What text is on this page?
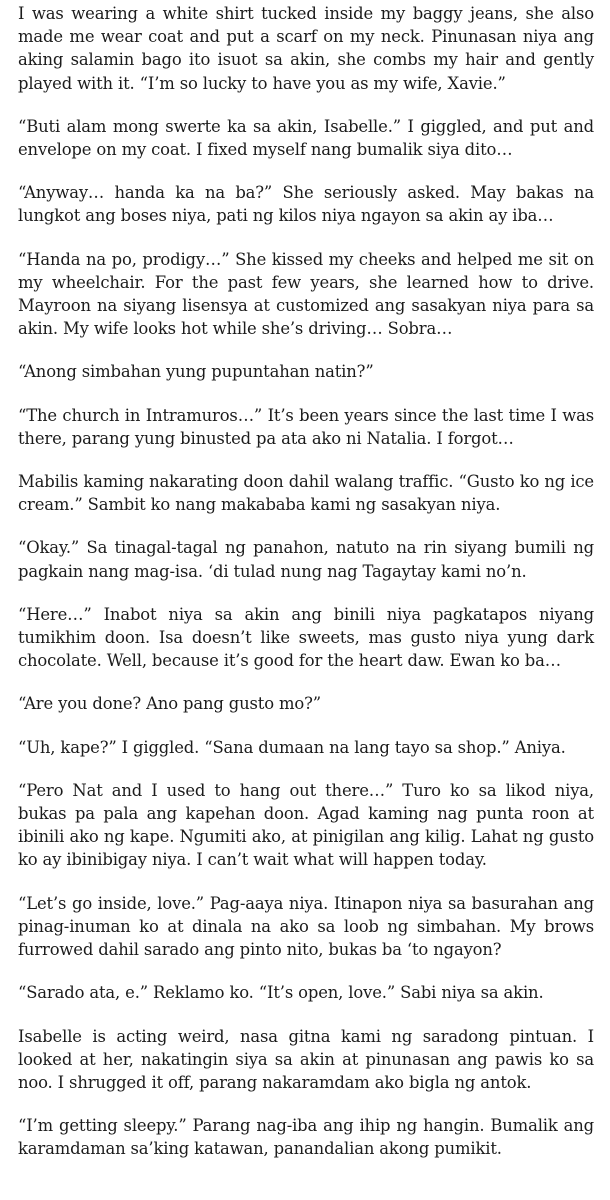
I was wearing a white shirt tucked inside my baggy jeans, she also made me wear coat and put a scarf on my neck. Pinunasan niya ang aking salamin bago ito isuot sa akin, she combs my hair and gently played with it. “I’m so lucky to have you as my wife, Xavie.”

“Buti alam mong swerte ka sa akin, Isabelle.” I giggled, and put and envelope on my coat. I fixed myself nang bumalik siya dito…

“Anyway… handa ka na ba?” She seriously asked. May bakas na lungkot ang boses niya, pati ng kilos niya ngayon sa akin ay iba…

“Handa na po, prodigy…” She kissed my cheeks and helped me sit on my wheelchair. For the past few years, she learned how to drive. Mayroon na siyang lisensya at customized ang sasakyan niya para sa akin. My wife looks hot while she’s driving… Sobra…

“Anong simbahan yung pupuntahan natin?”

“The church in Intramuros…” It’s been years since the last time I was there, parang yung binusted pa ata ako ni Natalia. I forgot…

Mabilis kaming nakarating doon dahil walang traffic. “Gusto ko ng ice cream.” Sambit ko nang makababa kami ng sasakyan niya.

“Okay.” Sa tinagal-tagal ng panahon, natuto na rin siyang bumili ng pagkain nang mag-isa. ‘di tulad nung nag Tagaytay kami no’n.

“Here…” Inabot niya sa akin ang binili niya pagkatapos niyang tumikhim doon. Isa doesn’t like sweets, mas gusto niya yung dark chocolate. Well, because it’s good for the heart daw. Ewan ko ba…

“Are you done? Ano pang gusto mo?”

“Uh, kape?” I giggled. “Sana dumaan na lang tayo sa shop.” Aniya.

“Pero Nat and I used to hang out there…” Turo ko sa likod niya, bukas pa pala ang kapehan doon. Agad kaming nag punta roon at ibinili ako ng kape. Ngumiti ako, at pinigilan ang kilig. Lahat ng gusto ko ay ibinibigay niya. I can’t wait what will happen today.

“Let’s go inside, love.” Pag-aaya niya. Itinapon niya sa basurahan ang pinag-inuman ko at dinala na ako sa loob ng simbahan. My brows furrowed dahil sarado ang pinto nito, bukas ba ‘to ngayon?

“Sarado ata, e.” Reklamo ko. “It’s open, love.” Sabi niya sa akin.

Isabelle is acting weird, nasa gitna kami ng saradong pintuan. I looked at her, nakatingin siya sa akin at pinunasan ang pawis ko sa noo. I shrugged it off, parang nakaramdam ako bigla ng antok.

“I’m getting sleepy.” Parang nag-iba ang ihip ng hangin. Bumalik ang karamdaman sa’king katawan, panandalian akong pumikit.
